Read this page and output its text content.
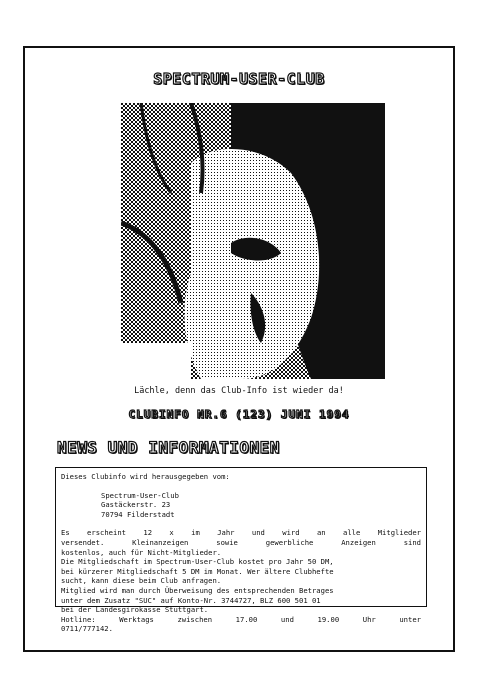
SPECTRUM-USER-CLUB
Lächle, denn das Club-Info ist wieder da!
CLUBINFO NR.6 (123) JUNI 1994
NEWS UND INFORMATIONEN

Dieses Clubinfo wird herausgegeben vom:

Spectrum-User-Club

Gastäckerstr. 23

70794 Filderstadt

Es erscheint 12 x im Jahr und wird an alle Mitglieder

versendet. Kleinanzeigen sowie gewerbliche Anzeigen sind

kostenlos, auch für Nicht-Mitglieder.

Die Mitgliedschaft im Spectrum-User-Club kostet pro Jahr 50 DM,

bei kürzerer Mitgliedschaft 5 DM im Monat. Wer ältere Clubhefte

sucht, kann diese beim Club anfragen.

Mitglied wird man durch Überweisung des entsprechenden Betrages

unter dem Zusatz "SUC" auf Konto-Nr. 3744727, BLZ 600 501 01

bei der Landesgirokasse Stuttgart.

Hotline: Werktags zwischen 17.00 und 19.00 Uhr unter

0711/777142.
